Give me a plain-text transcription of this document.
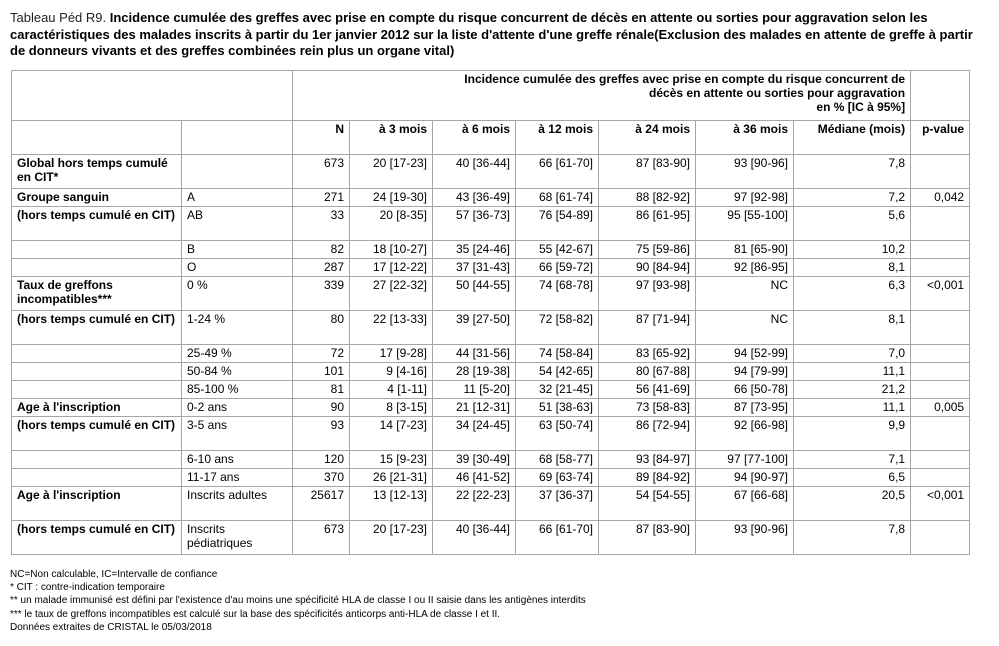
Tableau Péd R9. Incidence cumulée des greffes avec prise en compte du risque concurrent de décès en attente ou sorties pour aggravation selon les caractéristiques des malades inscrits à partir du 1er janvier 2012 sur la liste d'attente d'une greffe rénale(Exclusion des malades en attente de greffe à partir de donneurs vivants et des greffes combinées rein plus un organe vital)

		Incidence cumulée des greffes avec prise en compte du risque concurrent de
décès en attente ou sorties pour aggravation
en % [IC à 95%]							

		N	à 3 mois	à 6 mois	à 12 mois	à 24 mois	à 36 mois	Médiane (mois)	p-value
Global hors temps cumulé en CIT*		673	20 [17-23]	40 [36-44]	66 [61-70]	87 [83-90]	93 [90-96]	7,8	
Groupe sanguin	A	271	24 [19-30]	43 [36-49]	68 [61-74]	88 [82-92]	97 [92-98]	7,2	0,042
(hors temps cumulé en CIT)	AB	33	20 [8-35]	57 [36-73]	76 [54-89]	86 [61-95]	95 [55-100]	5,6	
	B	82	18 [10-27]	35 [24-46]	55 [42-67]	75 [59-86]	81 [65-90]	10,2	
	O	287	17 [12-22]	37 [31-43]	66 [59-72]	90 [84-94]	92 [86-95]	8,1	
Taux de greffons incompatibles***	0 %	339	27 [22-32]	50 [44-55]	74 [68-78]	97 [93-98]	NC	6,3	<0,001
(hors temps cumulé en CIT)	1-24 %	80	22 [13-33]	39 [27-50]	72 [58-82]	87 [71-94]	NC	8,1	
	25-49 %	72	17 [9-28]	44 [31-56]	74 [58-84]	83 [65-92]	94 [52-99]	7,0	
	50-84 %	101	9 [4-16]	28 [19-38]	54 [42-65]	80 [67-88]	94 [79-99]	11,1	
	85-100 %	81	4 [1-11]	11 [5-20]	32 [21-45]	56 [41-69]	66 [50-78]	21,2	
Age à l'inscription	0-2 ans	90	8 [3-15]	21 [12-31]	51 [38-63]	73 [58-83]	87 [73-95]	11,1	0,005
(hors temps cumulé en CIT)	3-5 ans	93	14 [7-23]	34 [24-45]	63 [50-74]	86 [72-94]	92 [66-98]	9,9	
	6-10 ans	120	15 [9-23]	39 [30-49]	68 [58-77]	93 [84-97]	97 [77-100]	7,1	
	11-17 ans	370	26 [21-31]	46 [41-52]	69 [63-74]	89 [84-92]	94 [90-97]	6,5	
Age à l'inscription	Inscrits adultes	25617	13 [12-13]	22 [22-23]	37 [36-37]	54 [54-55]	67 [66-68]	20,5	<0,001
(hors temps cumulé en CIT)	Inscrits pédiatriques	673	20 [17-23]	40 [36-44]	66 [61-70]	87 [83-90]	93 [90-96]	7,8	
NC=Non calculable, IC=Intervalle de confiance
* CIT : contre-indication temporaire
** un malade immunisé est défini par l'existence d'au moins une spécificité HLA de classe I ou II saisie dans les antigènes interdits
*** le taux de greffons incompatibles est calculé sur la base des spécificités anticorps anti-HLA de classe I et II.
Données extraites de CRISTAL le 05/03/2018
